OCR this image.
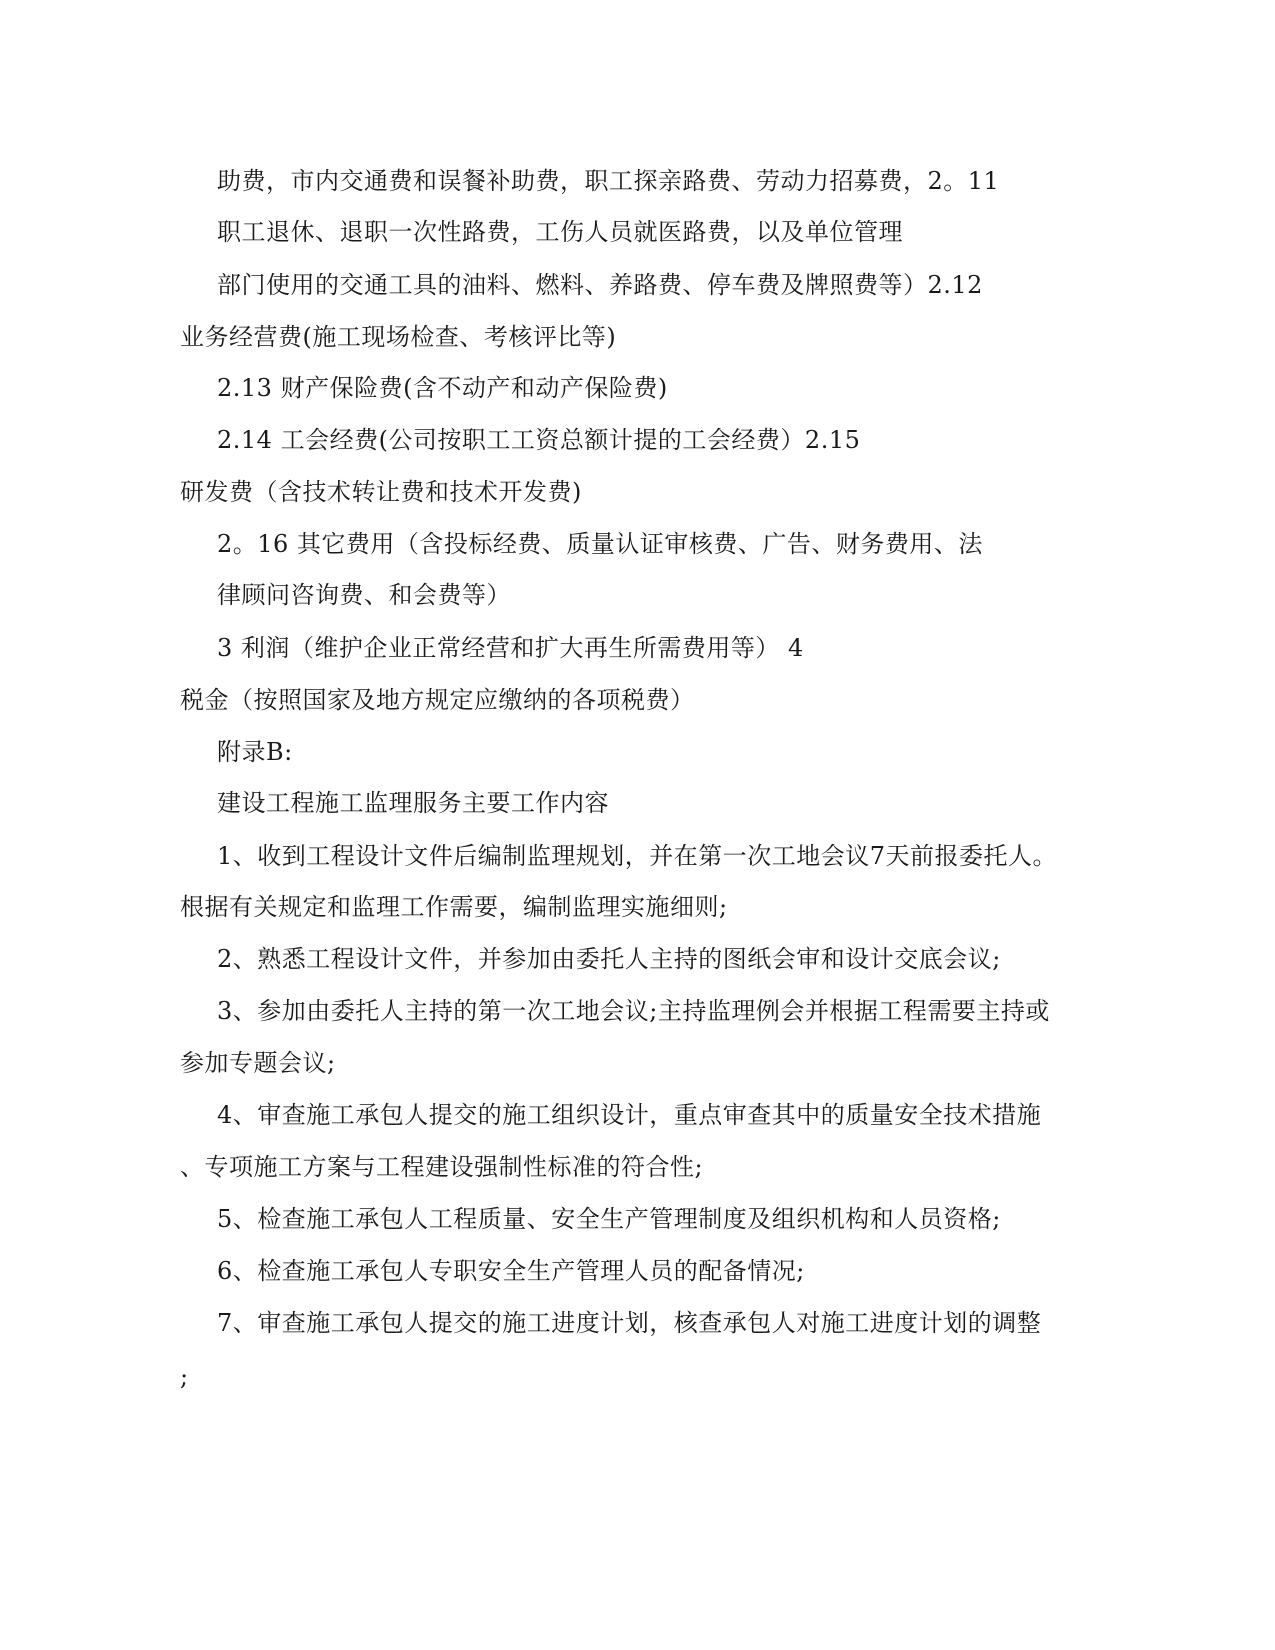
助费，市内交通费和误餐补助费，职工探亲路费、劳动力招募费，2。11
职工退休、退职一次性路费，工伤人员就医路费，以及单位管理
部门使用的交通工具的油料、燃料、养路费、停车费及牌照费等）2.12
业务经营费(施工现场检查、考核评比等)
2.13 财产保险费(含不动产和动产保险费)
2.14 工会经费(公司按职工工资总额计提的工会经费）2.15
研发费（含技术转让费和技术开发费)
2。16 其它费用（含投标经费、质量认证审核费、广告、财务费用、法
律顾问咨询费、和会费等）
3 利润（维护企业正常经营和扩大再生所需费用等） 4
税金（按照国家及地方规定应缴纳的各项税费）
附录B:
建设工程施工监理服务主要工作内容
1、收到工程设计文件后编制监理规划，并在第一次工地会议7天前报委托人。
根据有关规定和监理工作需要，编制监理实施细则;
2、熟悉工程设计文件，并参加由委托人主持的图纸会审和设计交底会议;
3、参加由委托人主持的第一次工地会议;主持监理例会并根据工程需要主持或
参加专题会议;
4、审查施工承包人提交的施工组织设计，重点审查其中的质量安全技术措施
、专项施工方案与工程建设强制性标准的符合性;
5、检查施工承包人工程质量、安全生产管理制度及组织机构和人员资格;
6、检查施工承包人专职安全生产管理人员的配备情况;
7、审查施工承包人提交的施工进度计划，核查承包人对施工进度计划的调整
;
